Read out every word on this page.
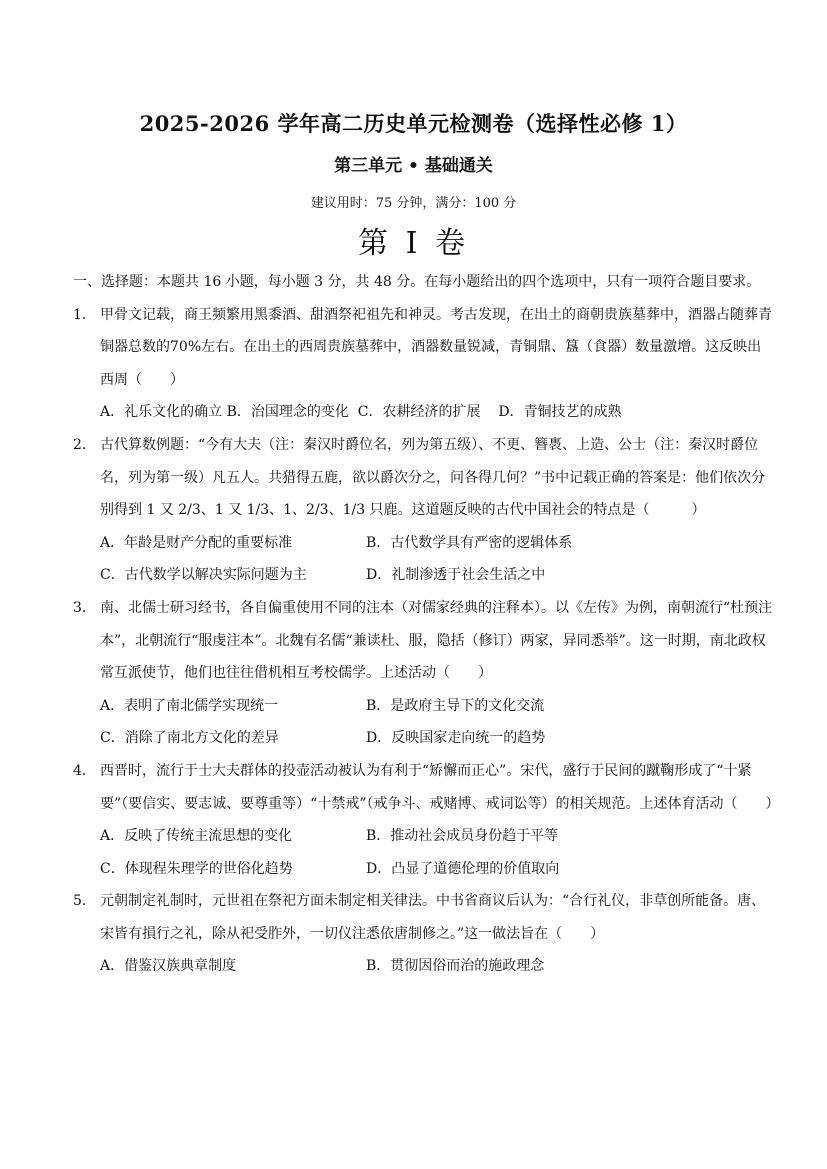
2025-2026 学年高二历史单元检测卷（选择性必修 1）
第三单元 • 基础通关
建议用时：75 分钟，满分：100 分
第 I 卷

一、选择题：本题共 16 小题，每小题 3 分，共 48 分。在每小题给出的四个选项中，只有一项符合题目要求。

1． 甲骨文记载，商王频繁用黑黍酒、甜酒祭祀祖先和神灵。考古发现，在出土的商朝贵族墓葬中，酒器占随葬青铜器总数的70%左右。在出土的西周贵族墓葬中，酒器数量锐减，青铜鼎、簋（食器）数量激增。这反映出西周（　　）

A．礼乐文化的确立 B．治国理念的变化 C．农耕经济的扩展 D．青铜技艺的成熟
2． 古代算数例题：“今有大夫（注：秦汉时爵位名，列为第五级）、不更、簪褭、上造、公士（注：秦汉时爵位名，列为第一级）凡五人。共猎得五鹿，欲以爵次分之，问各得几何？”书中记载正确的答案是：他们依次分别得到 1 又 2/3、1 又 1/3、1、2/3、1/3 只鹿。这道题反映的古代中国社会的特点是（　　　）

A．年龄是财产分配的重要标准	B．古代数学具有严密的逻辑体系
C．古代数学以解决实际问题为主	D．礼制渗透于社会生活之中
3． 南、北儒士研习经书，各自偏重使用不同的注本（对儒家经典的注释本）。以《左传》为例，南朝流行“杜预注本”，北朝流行“服虔注本”。北魏有名儒“兼读杜、服，隐括（修订）两家，异同悉举”。这一时期，南北政权常互派使节，他们也往往借机相互考校儒学。上述活动（　　）

A．表明了南北儒学实现统一	B．是政府主导下的文化交流
C．消除了南北方文化的差异	D．反映国家走向统一的趋势
4． 西晋时，流行于士大夫群体的投壶活动被认为有利于“矫懈而正心”。宋代，盛行于民间的蹴鞠形成了“十紧要”（要信实、要志诚、要尊重等）“十禁戒”（戒争斗、戒赌博、戒词讼等）的相关规范。上述体育活动（　　）

A．反映了传统主流思想的变化	B．推动社会成员身份趋于平等
C．体现程朱理学的世俗化趋势	D．凸显了道德伦理的价值取向
5． 元朝制定礼制时，元世祖在祭祀方面未制定相关律法。中书省商议后认为：“合行礼仪，非草创所能备。唐、宋皆有損行之礼，除从祀受胙外，一切仪注悉依唐制修之。”这一做法旨在（　　）

A．借鉴汉族典章制度	B．贯彻因俗而治的施政理念
